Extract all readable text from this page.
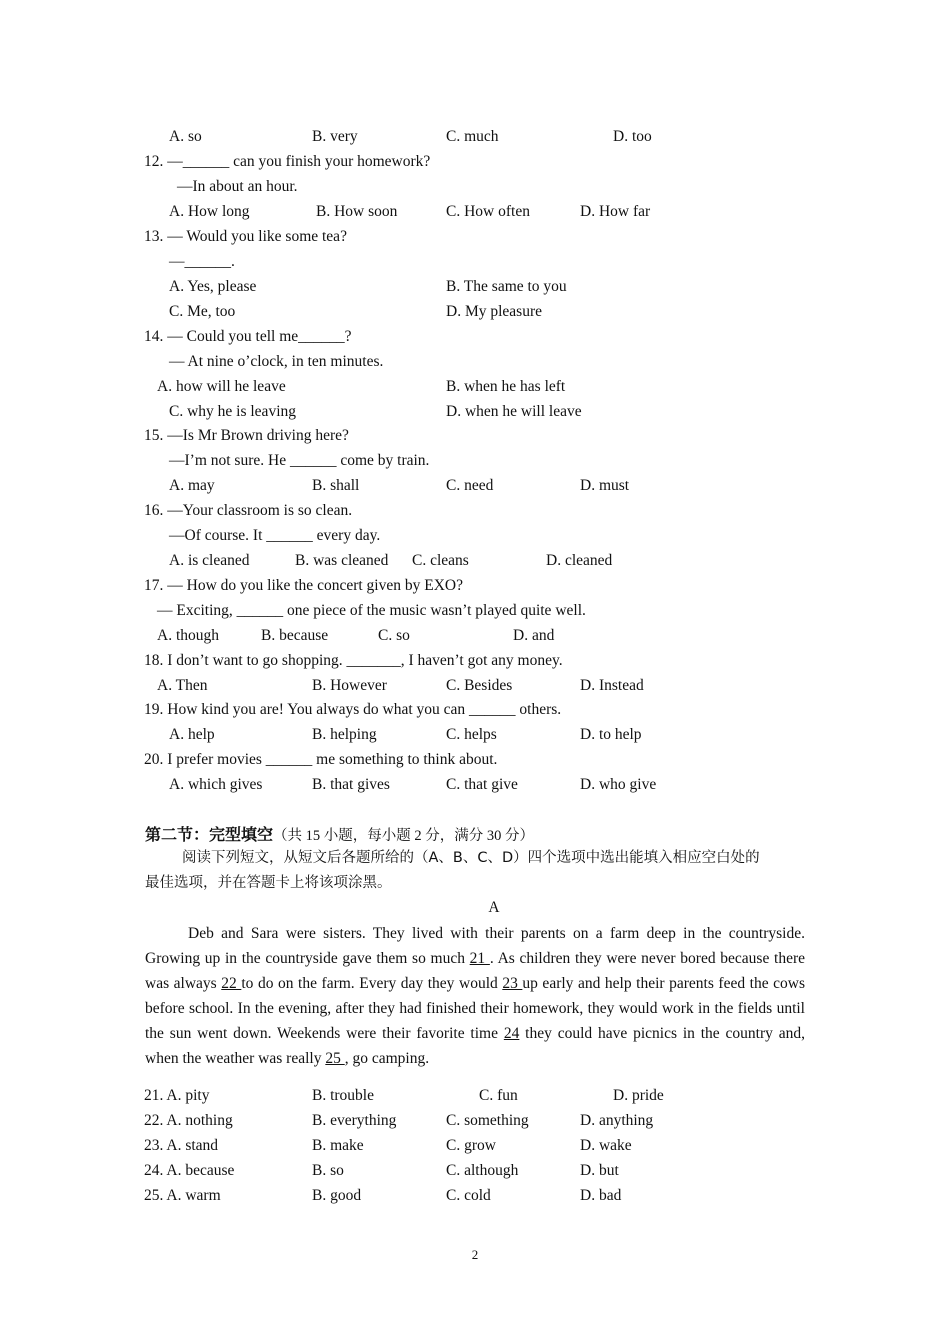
A. so	B. very	C. much	D. too
12. —______ can you finish your homework?
—In about an hour.
A. How long	B. How soon	C. How often	D. How far
13. — Would you like some tea?
—______.
A. Yes, please	B. The same to you
C. Me, too	D. My pleasure
14. — Could you tell me______?
— At nine o’clock, in ten minutes.
A. how will he leave	B. when he has left
C. why he is leaving	D. when he will leave
15. —Is Mr Brown driving here?
—I’m not sure. He ______ come by train.
A. may	B. shall	C. need	D. must
16. —Your classroom is so clean.
—Of course. It ______ every day.
A. is cleaned	B. was cleaned C. cleans	D. cleaned
17. — How do you like the concert given by EXO?
— Exciting, ______ one piece of the music wasn’t played quite well.
A. though	B. because	C. so	D. and
18. I don’t want to go shopping. _______, I haven’t got any money.
A. Then	B. However	C. Besides	D. Instead
19. How kind you are! You always do what you can ______ others.
A. help	B. helping	C. helps	D. to help
20. I prefer movies ______ me something to think about.
A. which gives	B. that gives	C. that give	D. who give
第二节：完型填空（共 15 小题，每小题 2 分，满分 30 分）
阅读下列短文，从短文后各题所给的（A、B、C、D）四个选项中选出能填入相应空白处的
最佳选项，并在答题卡上将该项涂黑。
A

Deb and Sara were sisters. They lived with their parents on a farm deep in the countryside. Growing up in the countryside gave them so much 21 . As children they were never bored because there was always 22 to do on the farm. Every day they would 23 up early and help their parents feed the cows before school. In the evening, after they had finished their homework, they would work in the fields until the sun went down. Weekends were their favorite time 24 they could have picnics in the country and, when the weather was really 25 , go camping.

21. A. pity	B. trouble	C. fun	D. pride
22. A. nothing	B. everything	C. something	D. anything
23. A. stand	B. make	C. grow	D. wake
24. A. because	B. so	C. although	D. but
25. A. warm	B. good	C. cold	D. bad
2
